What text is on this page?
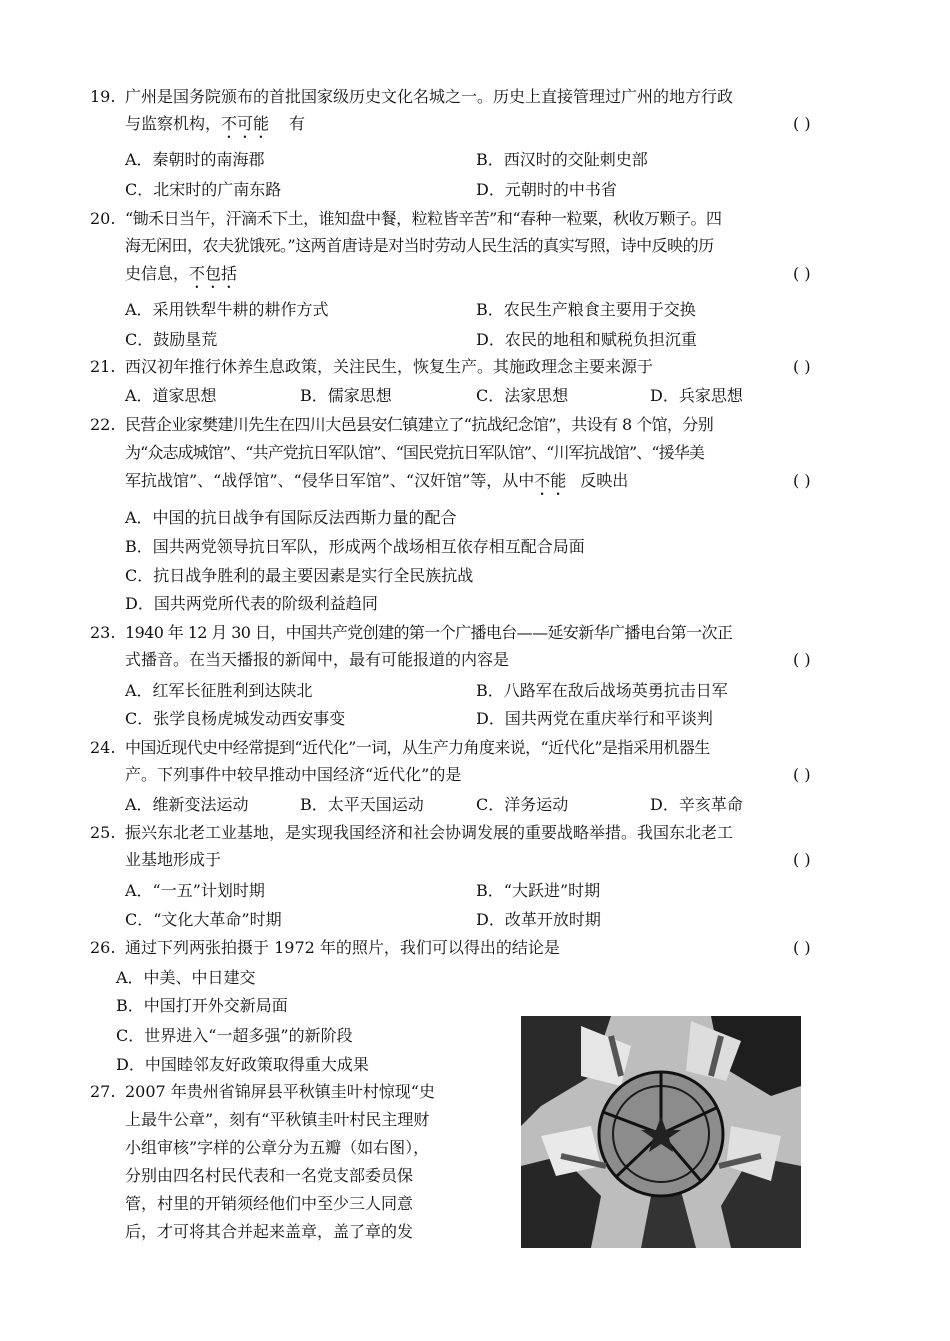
19. 广州是国务院颁布的首批国家级历史文化名城之一。历史上直接管理过广州的地方行政
与监察机构，不可能 有	( )
A．秦朝时的南海郡	B．西汉时的交阯刺史部
C．北宋时的广南东路	D．元朝时的中书省
20. “锄禾日当午，汗滴禾下土，谁知盘中餐，粒粒皆辛苦”和“春种一粒粟，秋收万颗子。四
海无闲田，农夫犹饿死。”这两首唐诗是对当时劳动人民生活的真实写照，诗中反映的历
史信息，不包括	( )
A．采用铁犁牛耕的耕作方式	B．农民生产粮食主要用于交换
C．鼓励垦荒	D．农民的地租和赋税负担沉重
21. 西汉初年推行休养生息政策，关注民生，恢复生产。其施政理念主要来源于	( )
A．道家思想	B．儒家思想	C．法家思想	D．兵家思想
22. 民营企业家樊建川先生在四川大邑县安仁镇建立了“抗战纪念馆”，共设有 8 个馆，分别
为“众志成城馆”、“共产党抗日军队馆”、“国民党抗日军队馆”、“川军抗战馆”、“援华美
军抗战馆”、“战俘馆”、“侵华日军馆”、“汉奸馆”等，从中不能 反映出	( )
A．中国的抗日战争有国际反法西斯力量的配合
B．国共两党领导抗日军队，形成两个战场相互依存相互配合局面
C．抗日战争胜利的最主要因素是实行全民族抗战
D．国共两党所代表的阶级利益趋同
23. 1940 年 12 月 30 日，中国共产党创建的第一个广播电台——延安新华广播电台第一次正
式播音。在当天播报的新闻中，最有可能报道的内容是	( )
A．红军长征胜利到达陕北	B．八路军在敌后战场英勇抗击日军
C．张学良杨虎城发动西安事变	D．国共两党在重庆举行和平谈判
24. 中国近现代史中经常提到“近代化”一词，从生产力角度来说，“近代化”是指采用机器生
产。下列事件中较早推动中国经济“近代化”的是	( )
A．维新变法运动	B．太平天国运动	C．洋务运动	D．辛亥革命
25. 振兴东北老工业基地，是实现我国经济和社会协调发展的重要战略举措。我国东北老工
业基地形成于	( )
A．“一五”计划时期	B．“大跃进”时期
C．“文化大革命”时期	D．改革开放时期
26. 通过下列两张拍摄于 1972 年的照片，我们可以得出的结论是	( )
A．中美、中日建交
B．中国打开外交新局面
C．世界进入“一超多强”的新阶段
D．中国睦邻友好政策取得重大成果
27. 2007 年贵州省锦屏县平秋镇圭叶村惊现“史
上最牛公章”，刻有“平秋镇圭叶村民主理财
小组审核”字样的公章分为五瓣（如右图），
分别由四名村民代表和一名党支部委员保
管，村里的开销须经他们中至少三人同意
后，才可将其合并起来盖章，盖了章的发
